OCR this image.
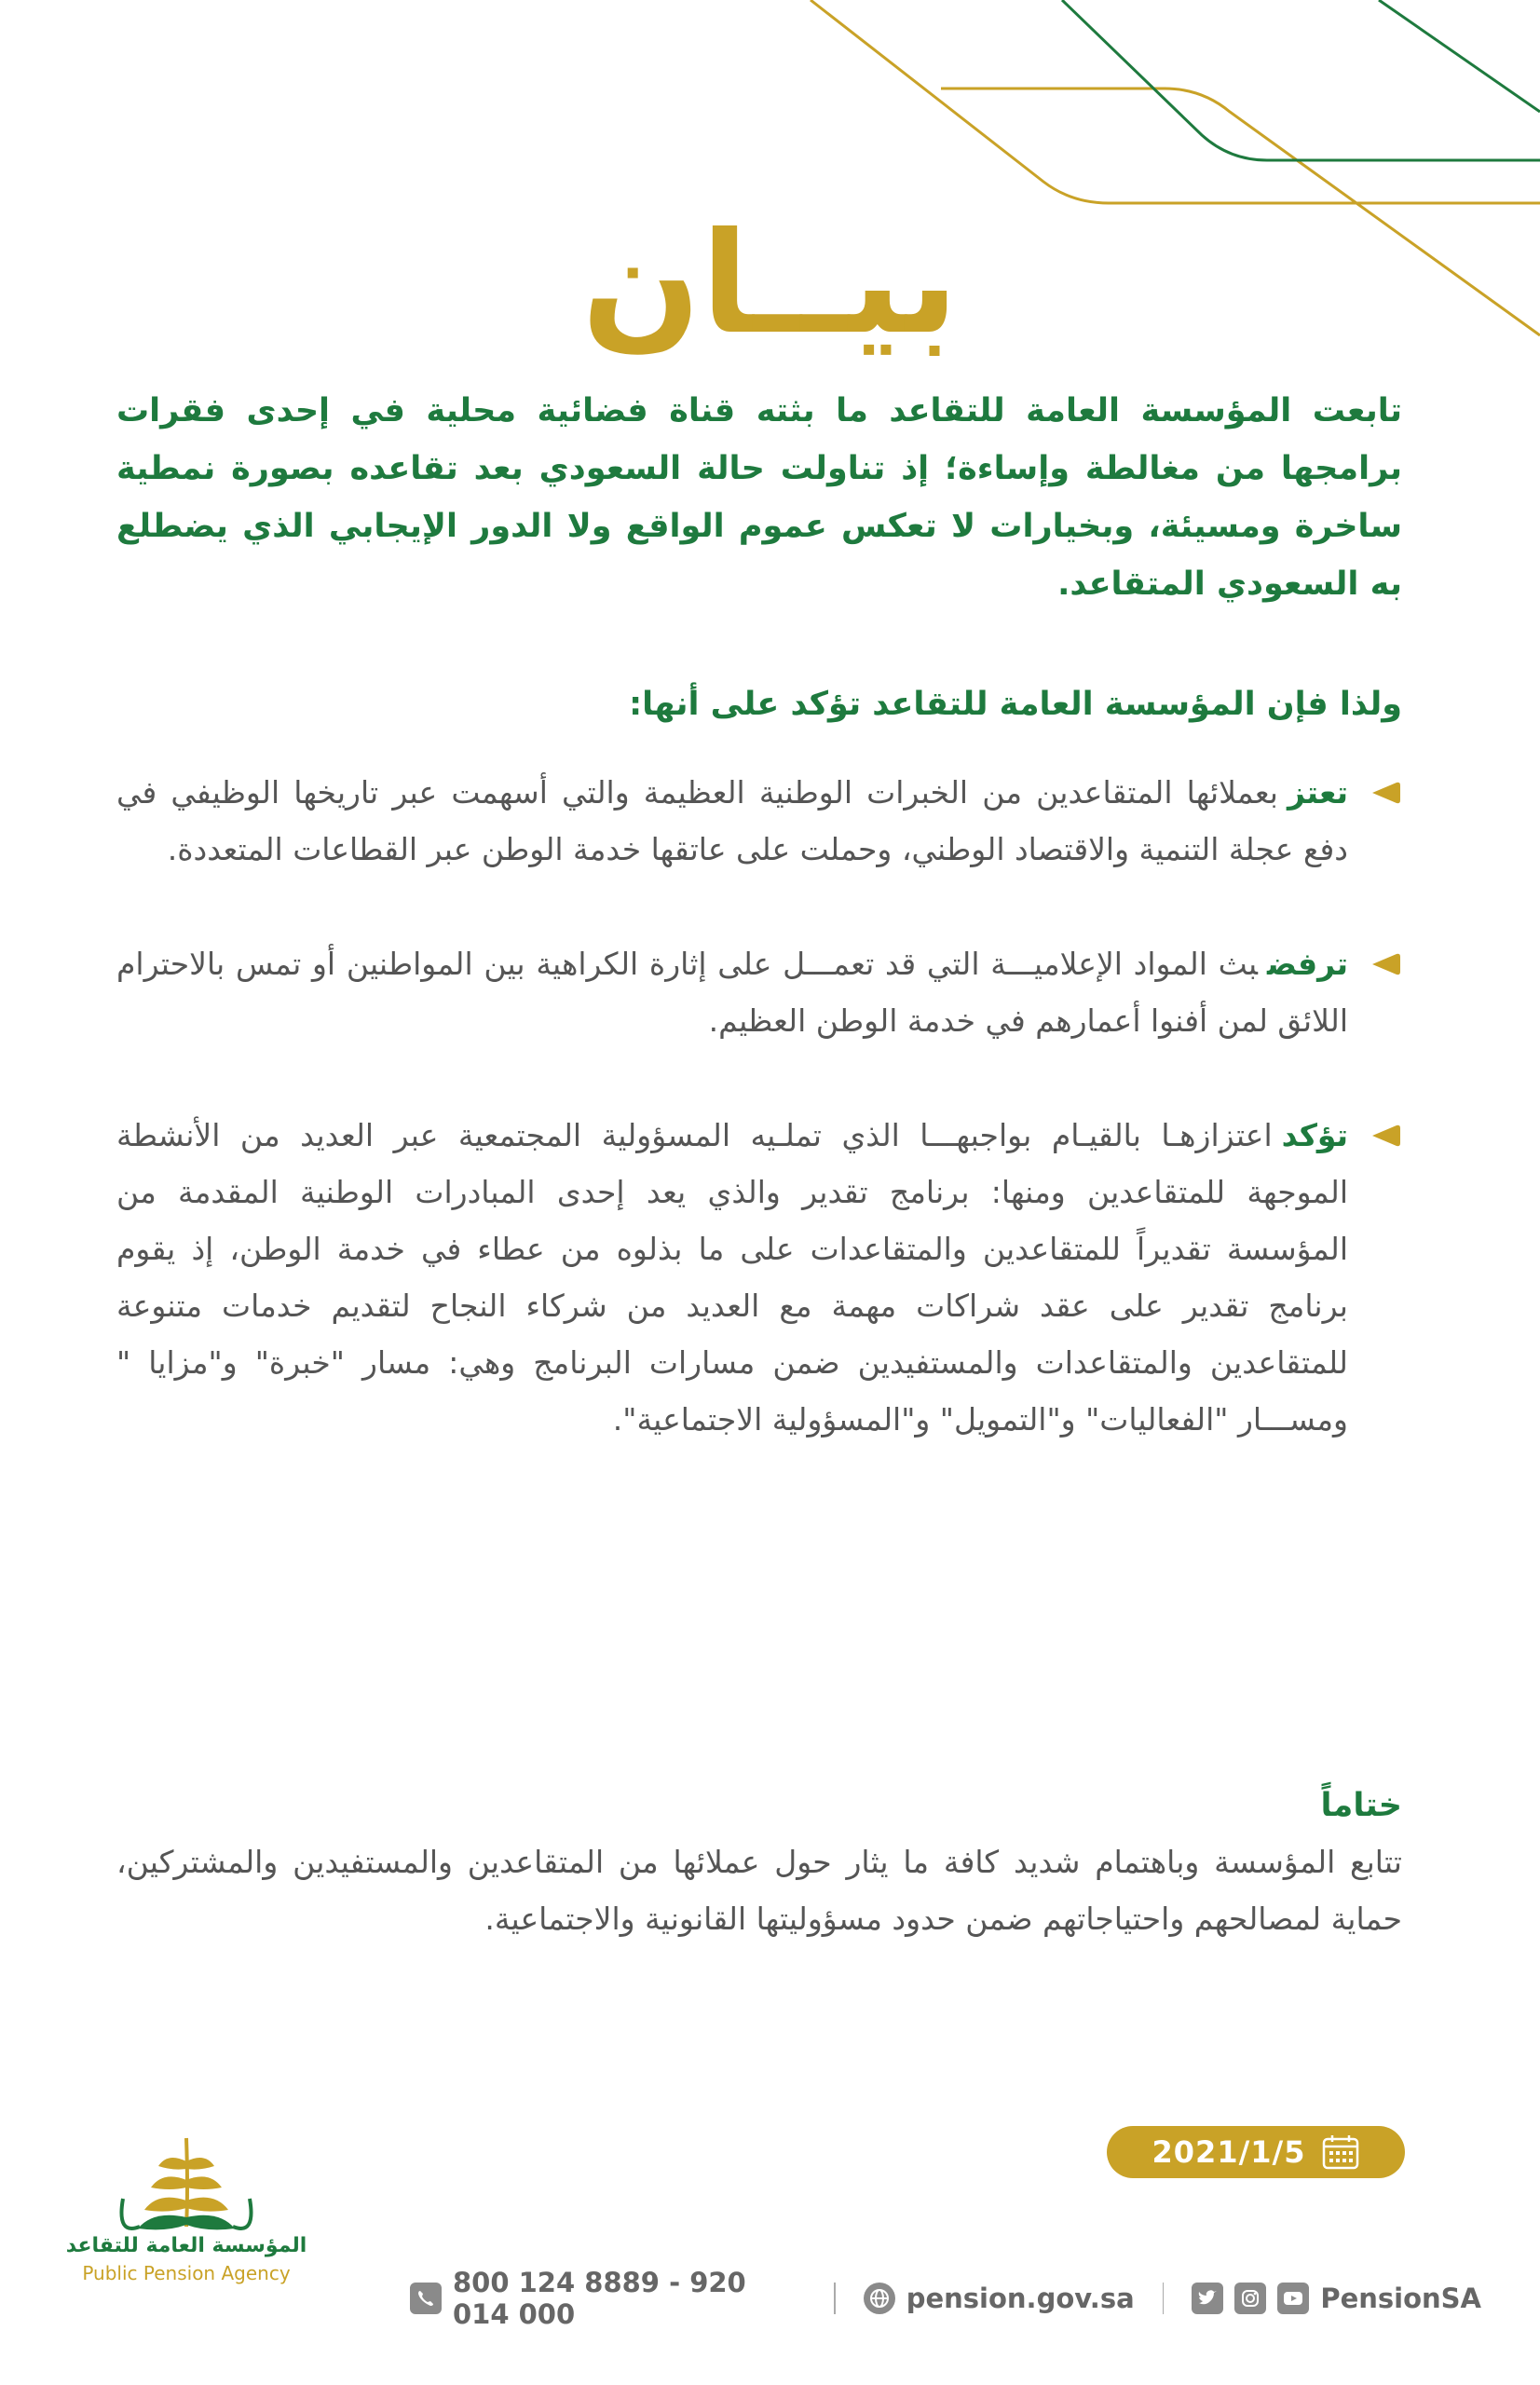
بيــان
تابعت المؤسسة العامة للتقاعد ما بثته قناة فضائية محلية في إحدى فقرات برامجها من مغالطة وإساءة؛ إذ تناولت حالة السعودي بعد تقاعده بصورة نمطية ساخرة ومسيئة، وبخيارات لا تعكس عموم الواقع ولا الدور الإيجابي الذي يضطلع به السعودي المتقاعد.
ولذا فإن المؤسسة العامة للتقاعد تؤكد على أنها:
تعتزبعملائها المتقاعدين من الخبرات الوطنية العظيمة والتي أسهمت عبر تاريخها الوظيفي في دفع عجلة التنمية والاقتصاد الوطني، وحملت على عاتقها خدمة الوطن عبر القطاعات المتعددة.
ترفضبث المواد الإعلاميـــة التي قد تعمـــل على إثارة الكراهية بين المواطنين أو تمس بالاحترام اللائق لمن أفنوا أعمارهم في خدمة الوطن العظيم.
تؤكداعتزازهـا بالقيـام بواجبهـــا الذي تملـيه المسؤولية المجتمعية عبر العديد من الأنشطة الموجهة للمتقاعدين ومنها: برنامج تقدير والذي يعد إحدى المبادرات الوطنية المقدمة من المؤسسة تقديراً للمتقاعدين والمتقاعدات على ما بذلوه من عطاء في خدمة الوطن، إذ يقوم برنامج تقدير على عقد شراكات مهمة مع العديد من شركاء النجاح لتقديم خدمات متنوعة للمتقاعدين والمتقاعدات والمستفيدين ضمن مسارات البرنامج وهي: مسار "خبرة" و"مزايا " ومســـار "الفعاليات" و"التمويل" و"المسؤولية الاجتماعية".
ختاماً
تتابع المؤسسة وباهتمام شديد كافة ما يثار حول عملائها من المتقاعدين والمستفيدين والمشتركين، حماية لمصالحهم واحتياجاتهم ضمن حدود مسؤوليتها القانونية والاجتماعية.
2021/1/5
المؤسسة العامة للتقاعد
Public Pension Agency	800 124 8889 - 920 014 000	pension.gov.sa	PensionSA
